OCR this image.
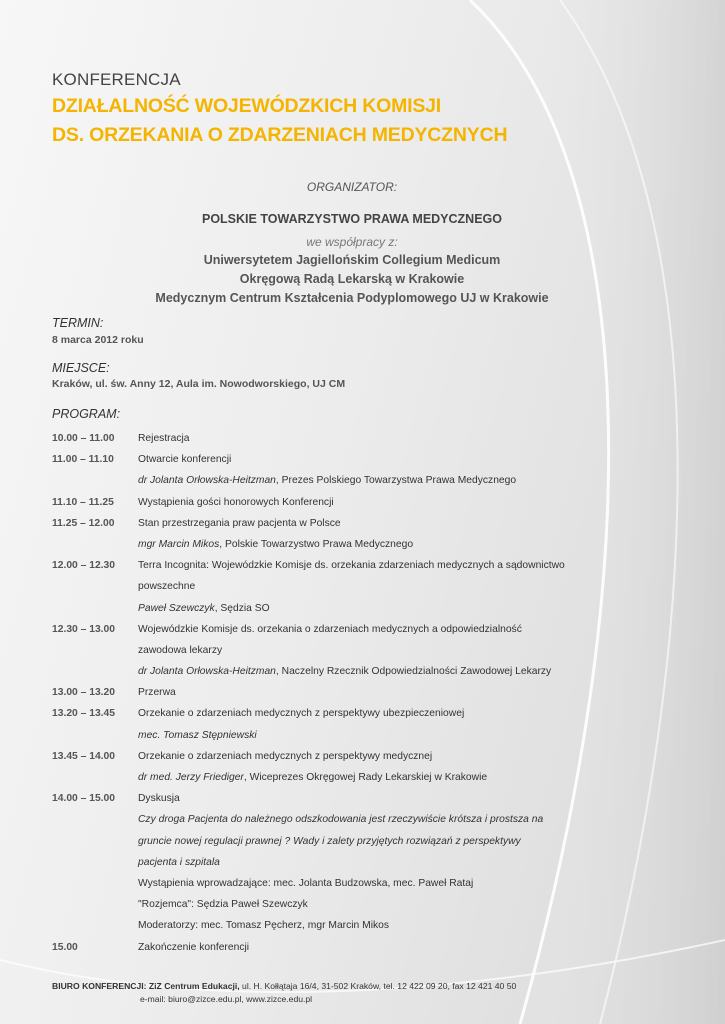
KONFERENCJA
DZIAŁALNOŚĆ WOJEWÓDZKICH KOMISJI
DS. ORZEKANIA O ZDARZENIACH MEDYCZNYCH
ORGANIZATOR:
POLSKIE TOWARZYSTWO PRAWA MEDYCZNEGO
we współpracy z:
Uniwersytetem Jagiellońskim Collegium Medicum
Okręgową Radą Lekarską w Krakowie
Medycznym Centrum Kształcenia Podyplomowego UJ w Krakowie
TERMIN:
8 marca 2012 roku
MIEJSCE:
Kraków, ul. św. Anny 12, Aula im. Nowodworskiego, UJ CM
PROGRAM:
10.00 – 11.00	Rejestracja
11.00 – 11.10	Otwarcie konferencji
dr Jolanta Orłowska-Heitzman, Prezes Polskiego Towarzystwa Prawa Medycznego
11.10 – 11.25	Wystąpienia gości honorowych Konferencji
11.25 – 12.00	Stan przestrzegania praw pacjenta w Polsce
mgr Marcin Mikos, Polskie Towarzystwo Prawa Medycznego
12.00 – 12.30	Terra Incognita: Wojewódzkie Komisje ds. orzekania zdarzeniach medycznych a sądownictwo
powszechne
Paweł Szewczyk, Sędzia SO
12.30 – 13.00	Wojewódzkie Komisje ds. orzekania o zdarzeniach medycznych a odpowiedzialność
zawodowa lekarzy
dr Jolanta Orłowska-Heitzman, Naczelny Rzecznik Odpowiedzialności Zawodowej Lekarzy
13.00 – 13.20	Przerwa
13.20 – 13.45	Orzekanie o zdarzeniach medycznych z perspektywy ubezpieczeniowej
mec. Tomasz Stępniewski
13.45 – 14.00	Orzekanie o zdarzeniach medycznych z perspektywy medycznej
dr med. Jerzy Friediger, Wiceprezes Okręgowej Rady Lekarskiej w Krakowie
14.00 – 15.00	Dyskusja
Czy droga Pacjenta do należnego odszkodowania jest rzeczywiście krótsza i prostsza na
gruncie nowej regulacji prawnej ? Wady i zalety przyjętych rozwiązań z perspektywy
pacjenta i szpitala
Wystąpienia wprowadzające: mec. Jolanta Budzowska, mec. Paweł Rataj
"Rozjemca": Sędzia Paweł Szewczyk
Moderatorzy: mec. Tomasz Pęcherz, mgr Marcin Mikos
15.00	Zakończenie konferencji
BIURO KONFERENCJI: ZiZ Centrum Edukacji, ul. H. Kołłątaja 16/4, 31-502 Kraków, tel. 12 422 09 20, fax 12 421 40 50
e-mail: biuro@zizce.edu.pl, www.zizce.edu.pl
